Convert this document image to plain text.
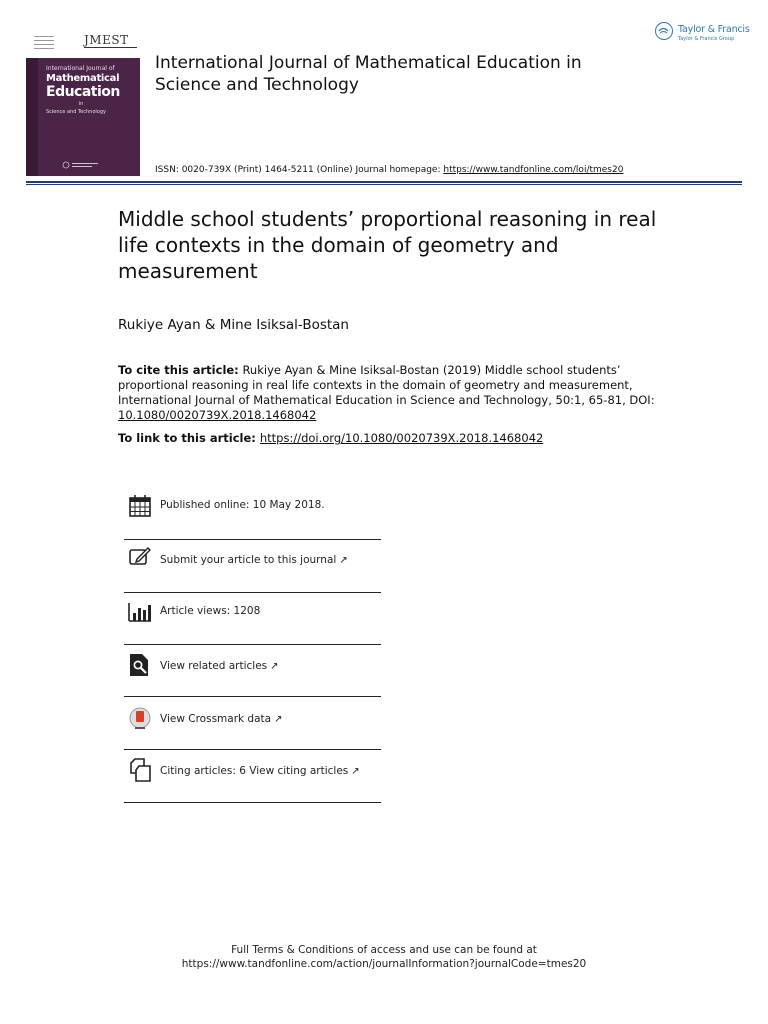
JMEST
International Journal of
Mathematical
Education
in
Science and Technology
International Journal of Mathematical Education in Science and Technology
ISSN: 0020-739X (Print) 1464-5211 (Online) Journal homepage: https://www.tandfonline.com/loi/tmes20
Taylor & Francis
Taylor & Francis Group
Middle school students’ proportional reasoning in real life contexts in the domain of geometry and measurement
Rukiye Ayan & Mine Isiksal-Bostan
To cite this article: Rukiye Ayan & Mine Isiksal-Bostan (2019) Middle school students’ proportional reasoning in real life contexts in the domain of geometry and measurement, International Journal of Mathematical Education in Science and Technology, 50:1, 65-81, DOI: 10.1080/0020739X.2018.1468042
To link to this article: https://doi.org/10.1080/0020739X.2018.1468042
Published online: 10 May 2018.
Submit your article to this journal ↗
Article views: 1208
View related articles ↗
View Crossmark data ↗
Citing articles: 6 View citing articles ↗
Full Terms & Conditions of access and use can be found at
https://www.tandfonline.com/action/journalInformation?journalCode=tmes20
